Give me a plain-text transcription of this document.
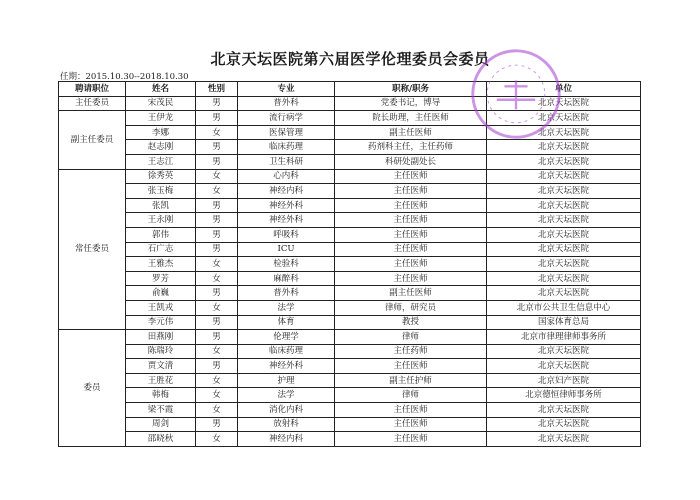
北京天坛医院第六届医学伦理委员会委员
任期：2015.10.30--2018.10.30
聘请职位	姓名	性别	专业	职称/职务	单位
主任委员	宋茂民	男	普外科	党委书记，博导	北京天坛医院
副主任委员	王伊龙	男	流行病学	院长助理，主任医师	北京天坛医院
	李娜	女	医保管理	副主任医师	北京天坛医院
	赵志刚	男	临床药理	药剂科主任，主任药师	北京天坛医院
	王志江	男	卫生科研	科研处副处长	北京天坛医院
常任委员	徐秀英	女	心内科	主任医师	北京天坛医院
	张玉梅	女	神经内科	主任医师	北京天坛医院
	张凯	男	神经外科	主任医师	北京天坛医院
	王永刚	男	神经外科	主任医师	北京天坛医院
	郭伟	男	呼吸科	主任医师	北京天坛医院
	石广志	男	ICU	主任医师	北京天坛医院
	王雅杰	女	检验科	主任医师	北京天坛医院
	罗芳	女	麻醉科	主任医师	北京天坛医院
	俞巍	男	普外科	副主任医师	北京天坛医院
	王凯戎	女	法学	律师，研究员	北京市公共卫生信息中心
	李元伟	男	体育	教授	国家体育总局
委员	田燕刚	男	伦理学	律师	北京市律理律师事务所
	陈瑞玲	女	临床药理	主任药师	北京天坛医院
	贾文清	男	神经外科	主任医师	北京天坛医院
	王胜花	女	护理	副主任护师	北京妇产医院
	韩梅	女	法学	律师	北京德恒律师事务所
	梁不霞	女	消化内科	主任医师	北京天坛医院
	周剑	男	放射科	主任医师	北京天坛医院
	邵晓秋	女	神经内科	主任医师	北京天坛医院
